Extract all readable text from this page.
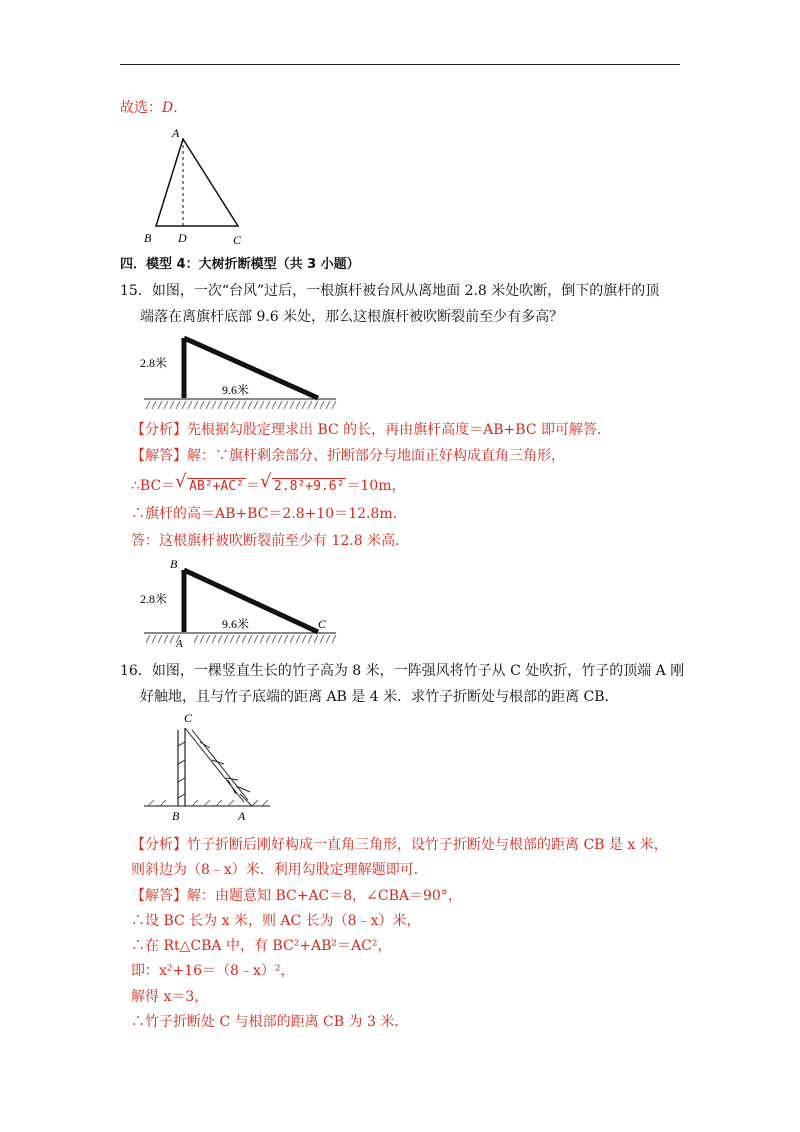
故选：D.
A
B D	C
四．模型 4：大树折断模型（共 3 小题）
15．如图，一次“台风”过后，一根旗杆被台风从离地面 2.8 米处吹断，倒下的旗杆的顶
端落在离旗杆底部 9.6 米处，那么这根旗杆被吹断裂前至少有多高？
2.8米
9.6米
【分析】先根据勾股定理求出 BC 的长，再由旗杆高度＝AB+BC 即可解答．
【解答】解：∵旗杆剩余部分、折断部分与地面正好构成直角三角形，
∴BC＝ √ AB²+AC² ＝ √ 2.8²+9.6² ＝10m，
∴旗杆的高＝AB+BC＝2.8+10＝12.8m．
答：这根旗杆被吹断裂前至少有 12.8 米高．
B
2.8米
9.6米	C
A
16．如图，一棵竖直生长的竹子高为 8 米，一阵强风将竹子从 C 处吹折，竹子的顶端 A 刚
好触地，且与竹子底端的距离 AB 是 4 米．求竹子折断处与根部的距离 CB．
C
B	A
【分析】竹子折断后刚好构成一直角三角形，设竹子折断处与根部的距离 CB 是 x 米，
则斜边为（8﹣x）米．利用勾股定理解题即可．
【解答】解：由题意知 BC+AC＝8，∠CBA＝90°，
∴设 BC 长为 x 米，则 AC 长为（8﹣x）米，
∴在 Rt△CBA 中，有 BC²+AB²＝AC²，
即：x²+16＝（8﹣x）²，
解得 x＝3，
∴竹子折断处 C 与根部的距离 CB 为 3 米．
